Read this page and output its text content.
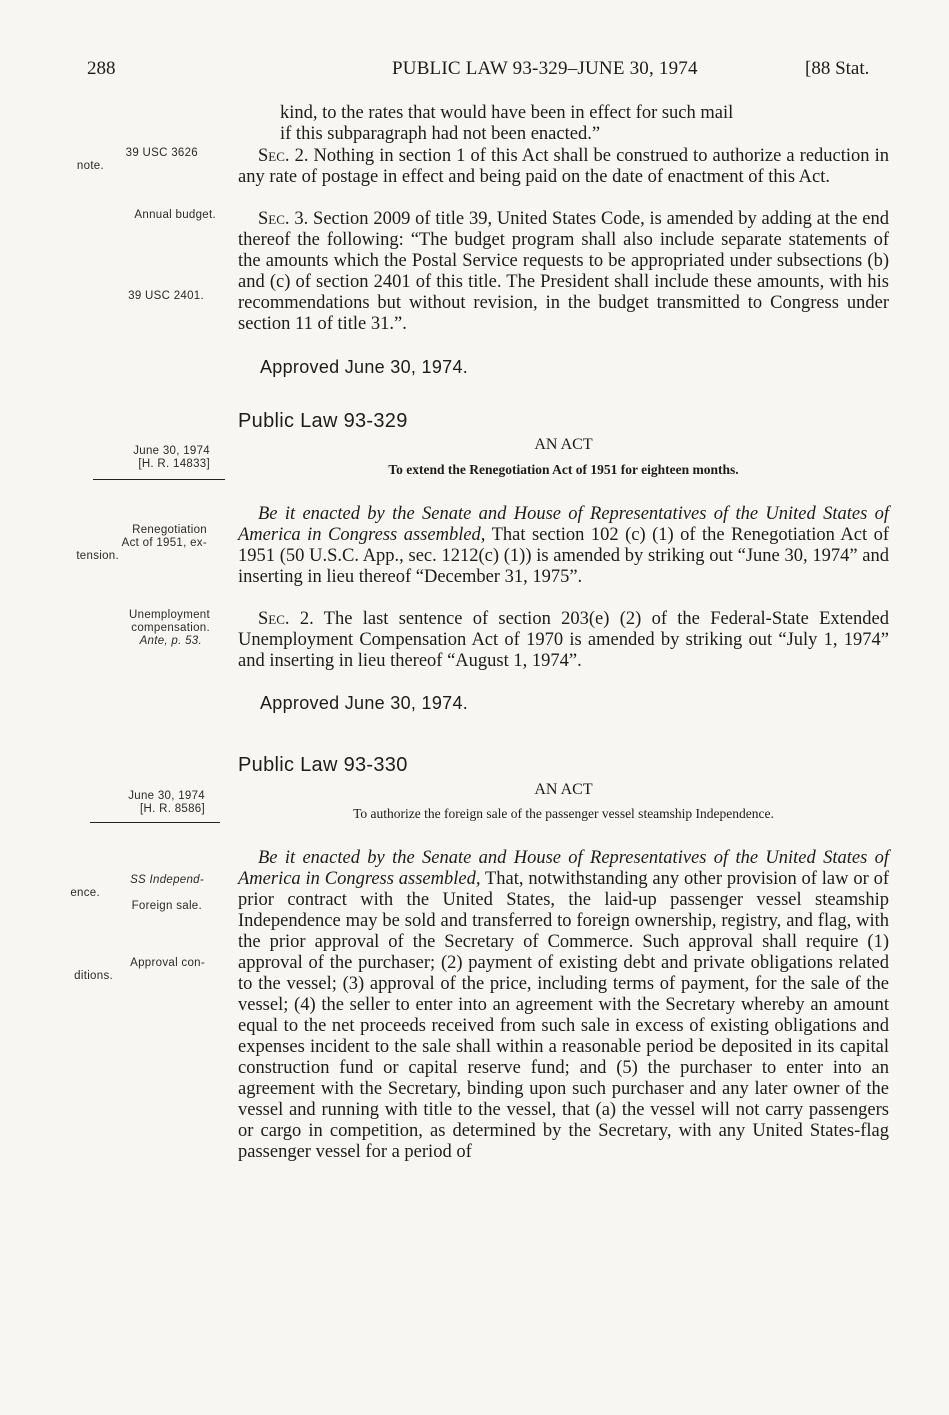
288	PUBLIC LAW 93-329–JUNE 30, 1974	[88 Stat.

kind, to the rates that would have been in effect for such mail
if this subparagraph had not been enacted.”

Sec. 2. Nothing in section 1 of this Act shall be construed to authorize a reduction in any rate of postage in effect and being paid on the date of enactment of this Act.

Sec. 3. Section 2009 of title 39, United States Code, is amended by adding at the end thereof the following: “The budget program shall also include separate statements of the amounts which the Postal Service requests to be appropriated under subsections (b) and (c) of section 2401 of this title. The President shall include these amounts, with his recommendations but without revision, in the budget transmitted to Congress under section 11 of title 31.”.

Approved June 30, 1974.
39 USC 3626
note.
Annual budget.
39 USC 2401.
Public Law 93-329
AN ACT
To extend the Renegotiation Act of 1951 for eighteen months.
June 30, 1974
[H. R. 14833]

Be it enacted by the Senate and House of Representatives of the United States of America in Congress assembled, That section 102 (c) (1) of the Renegotiation Act of 1951 (50 U.S.C. App., sec. 1212(c) (1)) is amended by striking out “June 30, 1974” and inserting in lieu thereof “December 31, 1975”.

Renegotiation
Act of 1951, ex-
tension.

Sec. 2. The last sentence of section 203(e) (2) of the Federal-State Extended Unemployment Compensation Act of 1970 is amended by striking out “July 1, 1974” and inserting in lieu thereof “August 1, 1974”.

Unemployment
compensation.
Ante, p. 53.
Approved June 30, 1974.
Public Law 93-330
AN ACT
To authorize the foreign sale of the passenger vessel steamship Independence.
June 30, 1974
[H. R. 8586]

Be it enacted by the Senate and House of Representatives of the United States of America in Congress assembled, That, notwithstanding any other provision of law or of prior contract with the United States, the laid-up passenger vessel steamship Independence may be sold and transferred to foreign ownership, registry, and flag, with the prior approval of the Secretary of Commerce. Such approval shall require (1) approval of the purchaser; (2) payment of existing debt and private obligations related to the vessel; (3) approval of the price, including terms of payment, for the sale of the vessel; (4) the seller to enter into an agreement with the Secretary whereby an amount equal to the net proceeds received from such sale in excess of existing obligations and expenses incident to the sale shall within a reasonable period be deposited in its capital construction fund or capital reserve fund; and (5) the purchaser to enter into an agreement with the Secretary, binding upon such purchaser and any later owner of the vessel and running with title to the vessel, that (a) the vessel will not carry passengers or cargo in competition, as determined by the Secretary, with any United States-flag passenger vessel for a period of

SS Independ-
ence.
Foreign sale.
Approval con-
ditions.
